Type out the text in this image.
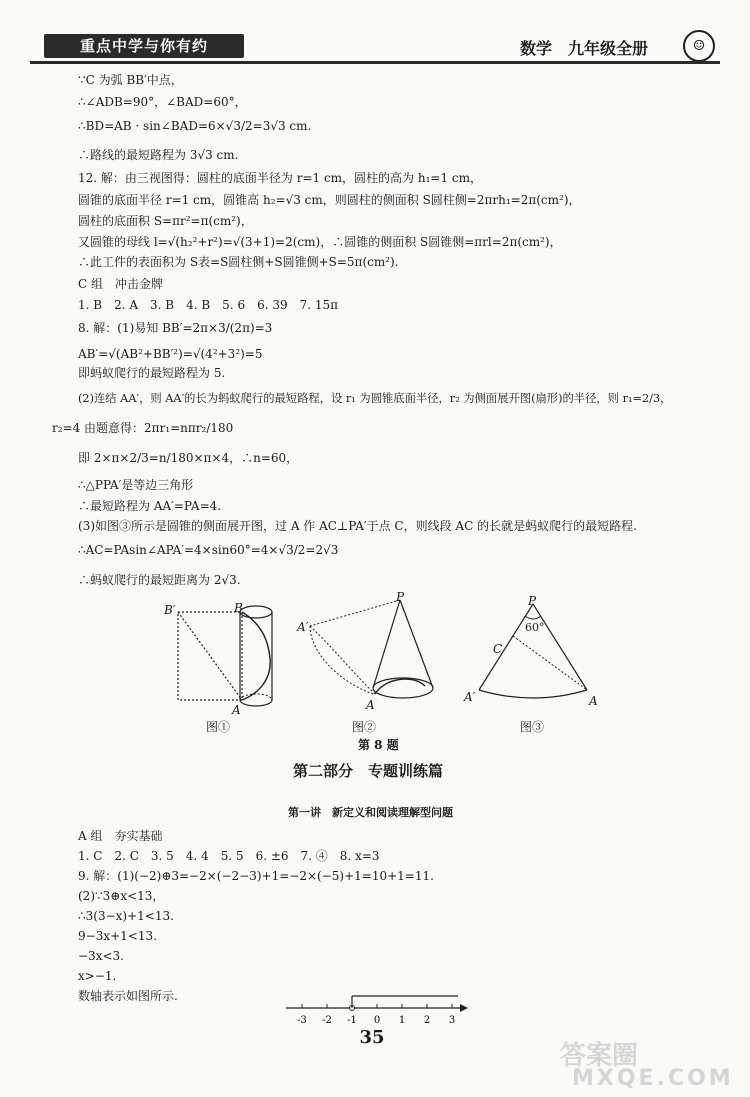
重点中学与你有约	数学　九年级全册	☺
∵C 为弧 BB′中点，
∴∠ADB=90°，∠BAD=60°，
∴BD=AB · sin∠BAD=6×√3/2=3√3 cm.
∴路线的最短路程为 3√3 cm.
12. 解：由三视图得：圆柱的底面半径为 r=1 cm，圆柱的高为 h₁=1 cm，
圆锥的底面半径 r=1 cm，圆锥高 h₂=√3 cm，则圆柱的侧面积 S圆柱侧=2πrh₁=2π(cm²)，
圆柱的底面积 S=πr²=π(cm²)，
又圆锥的母线 l=√(h₂²+r²)=√(3+1)=2(cm)，∴圆锥的侧面积 S圆锥侧=πrl=2π(cm²)，
∴此工件的表面积为 S表=S圆柱侧+S圆锥侧+S=5π(cm²).
C 组　冲击金牌
1. B　2. A　3. B　4. B　5. 6　6. 39　7. 15π
8. 解：(1)易知 BB′=2π×3/(2π)=3
AB′=√(AB²+BB′²)=√(4²+3²)=5
即蚂蚁爬行的最短路程为 5.
(2)连结 AA′，则 AA′的长为蚂蚁爬行的最短路程，设 r₁ 为圆锥底面半径，r₂ 为侧面展开图(扇形)的半径，则 r₁=2/3，
r₂=4 由题意得：2πr₁=nπr₂/180
即 2×π×2/3=n/180×π×4，∴n=60，
∴△PPA′是等边三角形
∴最短路程为 AA′=PA=4.
(3)如图③所示是圆锥的侧面展开图，过 A 作 AC⊥PA′于点 C，则线段 AC 的长就是蚂蚁爬行的最短路程.
∴AC=PAsin∠APA′=4×sin60°=4×√3/2=2√3
∴蚂蚁爬行的最短距离为 2√3.
B′	B
A
图①
P
A′
A
图②
P
60°
C
A′	A
图③
第 8 题
第二部分　专题训练篇
第一讲　新定义和阅读理解型问题
A 组　夯实基础
1. C　2. C　3. 5　4. 4　5. 5　6. ±6　7. ④　8. x=3
9. 解：(1)(−2)⊕3=−2×(−2−3)+1=−2×(−5)+1=10+1=11.
(2)∵3⊕x<13，
∴3(3−x)+1<13.
9−3x+1<13.
−3x<3.
x>−1.
数轴表示如图所示.
-3 -2 -1 0 1 2 3
35
答案圈
MXQE.COM
